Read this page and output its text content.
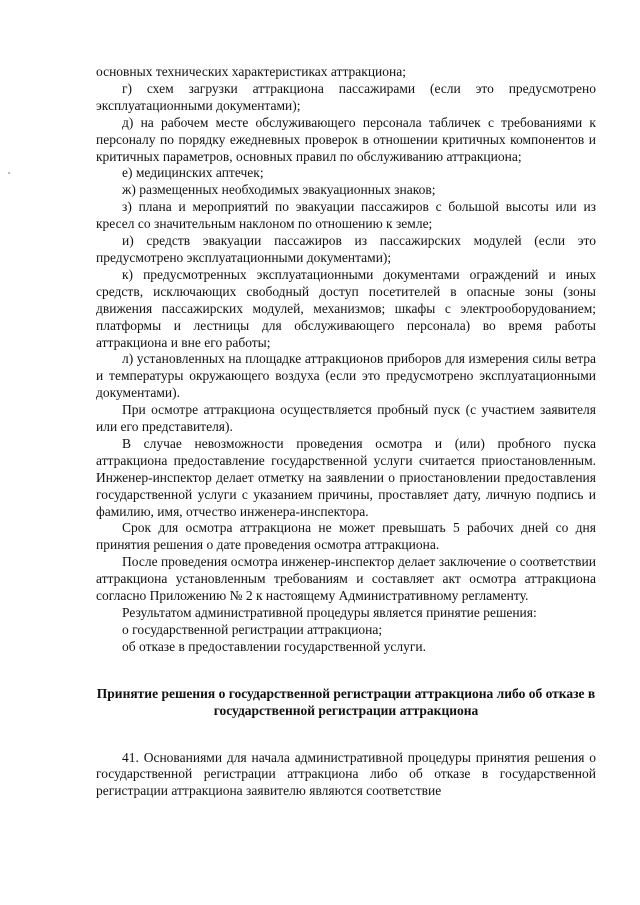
основных технических характеристиках аттракциона;

г) схем загрузки аттракциона пассажирами (если это предусмотрено эксплуатационными документами);

д) на рабочем месте обслуживающего персонала табличек с требованиями к персоналу по порядку ежедневных проверок в отношении критичных компонентов и критичных параметров, основных правил по обслуживанию аттракциона;

е) медицинских аптечек;

ж) размещенных необходимых эвакуационных знаков;

з) плана и мероприятий по эвакуации пассажиров с большой высоты или из кресел со значительным наклоном по отношению к земле;

и) средств эвакуации пассажиров из пассажирских модулей (если это предусмотрено эксплуатационными документами);

к) предусмотренных эксплуатационными документами ограждений и иных средств, исключающих свободный доступ посетителей в опасные зоны (зоны движения пассажирских модулей, механизмов; шкафы с электрооборудованием; платформы и лестницы для обслуживающего персонала) во время работы аттракциона и вне его работы;

л) установленных на площадке аттракционов приборов для измерения силы ветра и температуры окружающего воздуха (если это предусмотрено эксплуатационными документами).

При осмотре аттракциона осуществляется пробный пуск (с участием заявителя или его представителя).

В случае невозможности проведения осмотра и (или) пробного пуска аттракциона предоставление государственной услуги считается приостановленным. Инженер-инспектор делает отметку на заявлении о приостановлении предоставления государственной услуги с указанием причины, проставляет дату, личную подпись и фамилию, имя, отчество инженера-инспектора.

Срок для осмотра аттракциона не может превышать 5 рабочих дней со дня принятия решения о дате проведения осмотра аттракциона.

После проведения осмотра инженер-инспектор делает заключение о соответствии аттракциона установленным требованиям и составляет акт осмотра аттракциона согласно Приложению № 2 к настоящему Административному регламенту.

Результатом административной процедуры является принятие решения:

о государственной регистрации аттракциона;

об отказе в предоставлении государственной услуги.

Принятие решения о государственной регистрации аттракциона либо об отказе в государственной регистрации аттракциона

41. Основаниями для начала административной процедуры принятия решения о государственной регистрации аттракциона либо об отказе в государственной регистрации аттракциона заявителю являются соответствие
